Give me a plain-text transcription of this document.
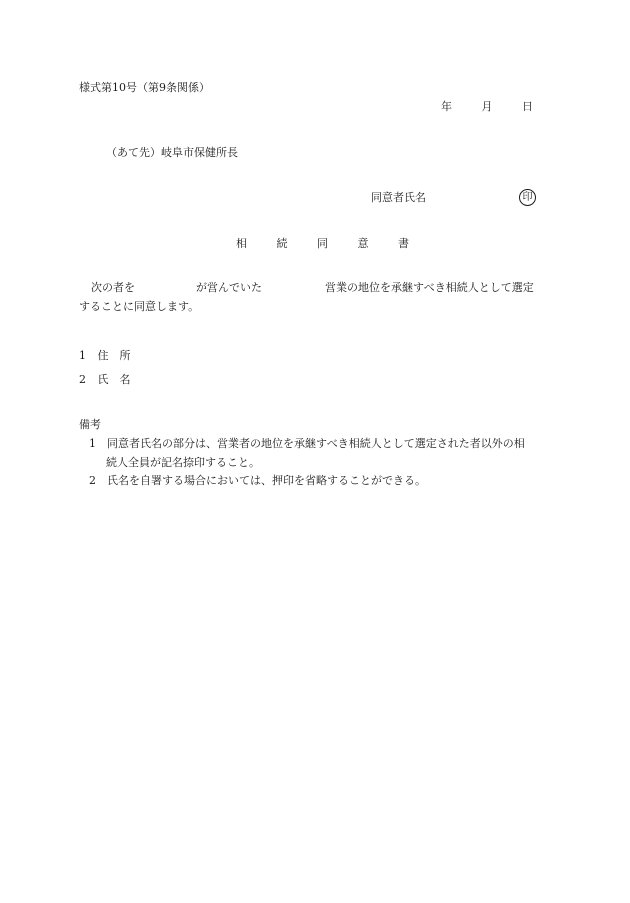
様式第10号（第9条関係）
年	月	日
（あて先）岐阜市保健所長
同意者氏名	印
相	続	同	意	書
次の者を	が営んでいた	営業の地位を承継すべき相続人として選定
することに同意します。
1 住　所
2 氏　名
備考
1　同意者氏名の部分は、営業者の地位を承継すべき相続人として選定された者以外の相
続人全員が記名捺印すること。
2　氏名を自署する場合においては、押印を省略することができる。
